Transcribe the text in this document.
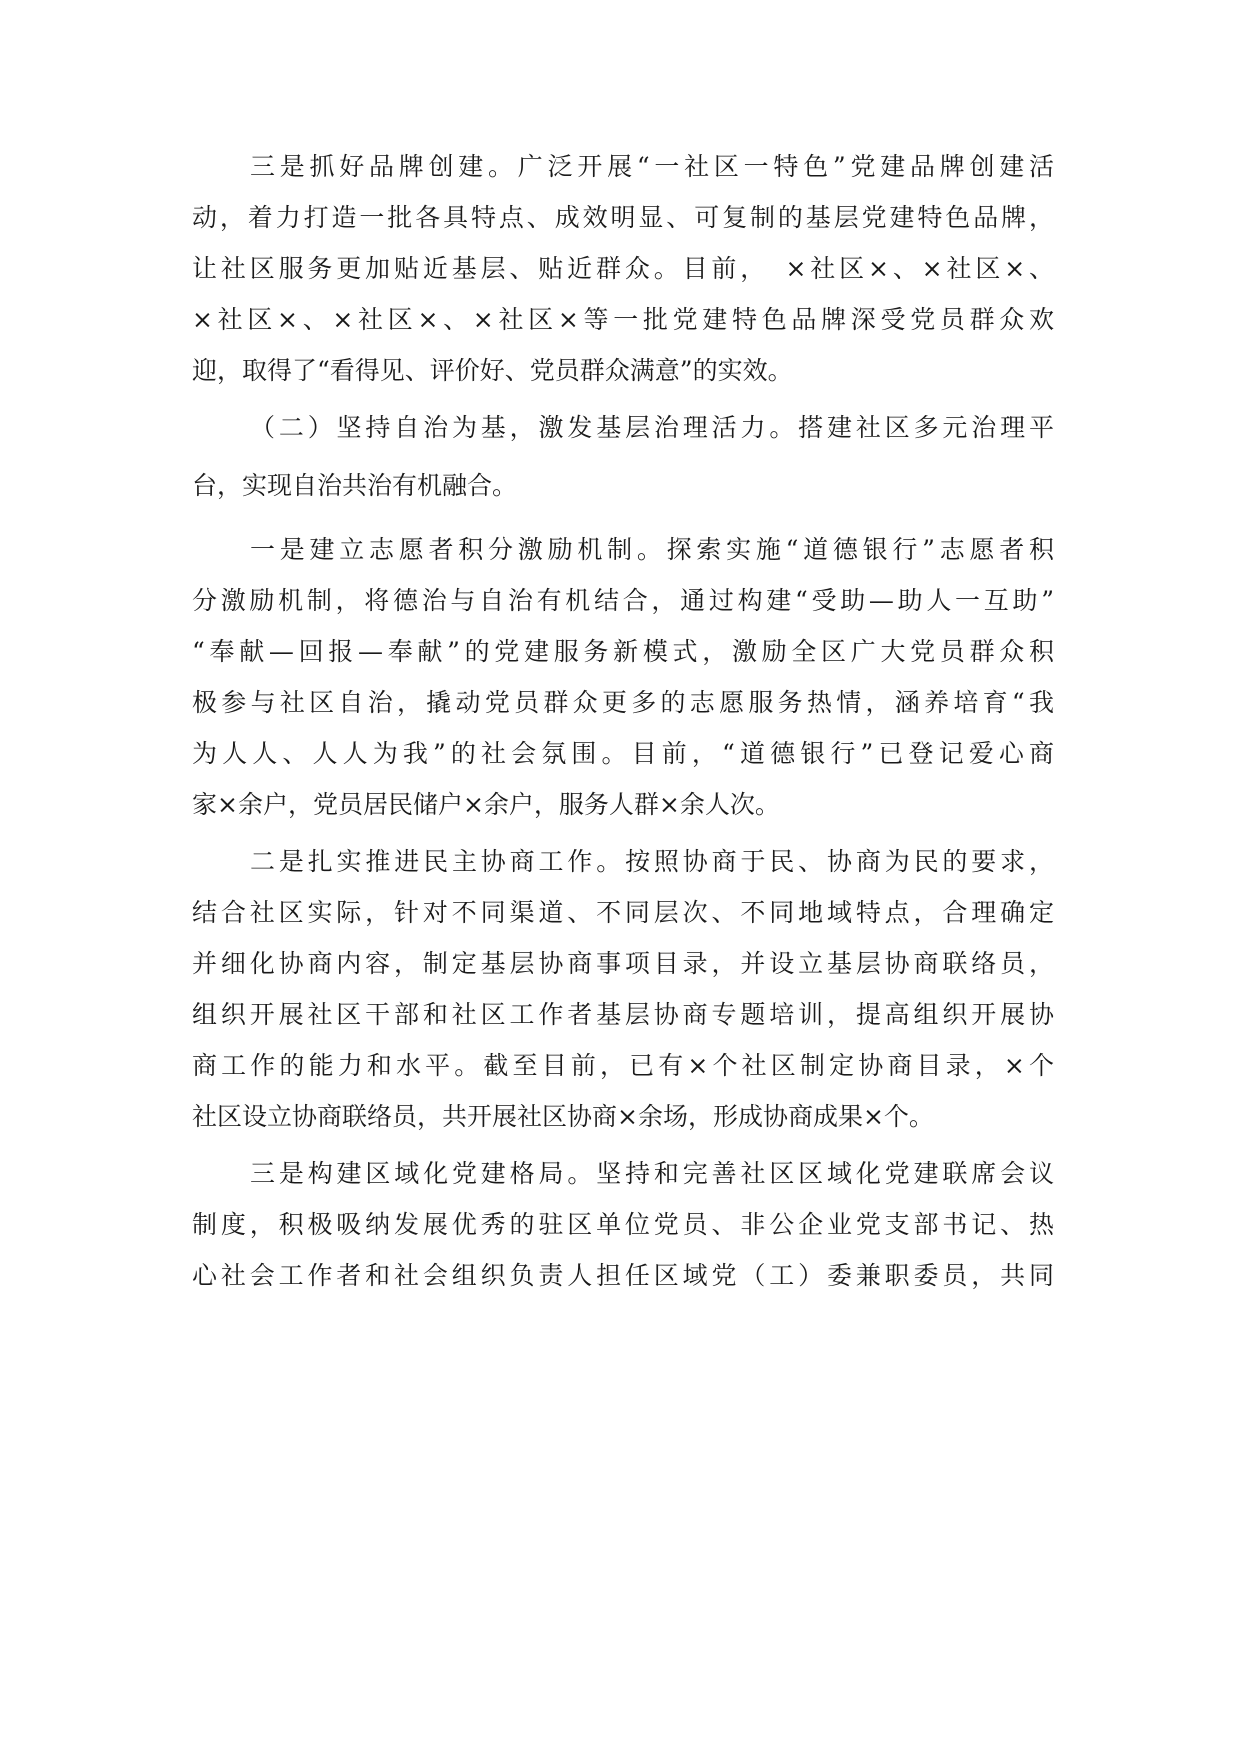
三是抓好品牌创建。广泛开展“一社区一特色”党建品牌创建活

动，着力打造一批各具特点、成效明显、可复制的基层党建特色品牌，

让社区服务更加贴近基层、贴近群众。目前，　×社区×、×社区×、

×社区×、×社区×、×社区×等一批党建特色品牌深受党员群众欢

迎，取得了“看得见、评价好、党员群众满意”的实效。

（二）坚持自治为基，激发基层治理活力。搭建社区多元治理平

台，实现自治共治有机融合。

一是建立志愿者积分激励机制。探索实施“道德银行”志愿者积

分激励机制，将德治与自治有机结合，通过构建“受助—助人一互助”

“奉献—回报—奉献”的党建服务新模式，激励全区广大党员群众积

极参与社区自治，撬动党员群众更多的志愿服务热情，涵养培育“我

为人人、人人为我”的社会氛围。目前，“道德银行”已登记爱心商

家×余户，党员居民储户×余户，服务人群×余人次。

二是扎实推进民主协商工作。按照协商于民、协商为民的要求，

结合社区实际，针对不同渠道、不同层次、不同地域特点，合理确定

并细化协商内容，制定基层协商事项目录，并设立基层协商联络员，

组织开展社区干部和社区工作者基层协商专题培训，提高组织开展协

商工作的能力和水平。截至目前，已有×个社区制定协商目录，×个

社区设立协商联络员，共开展社区协商×余场，形成协商成果×个。

三是构建区域化党建格局。坚持和完善社区区域化党建联席会议

制度，积极吸纳发展优秀的驻区单位党员、非公企业党支部书记、热

心社会工作者和社会组织负责人担任区域党（工）委兼职委员，共同
